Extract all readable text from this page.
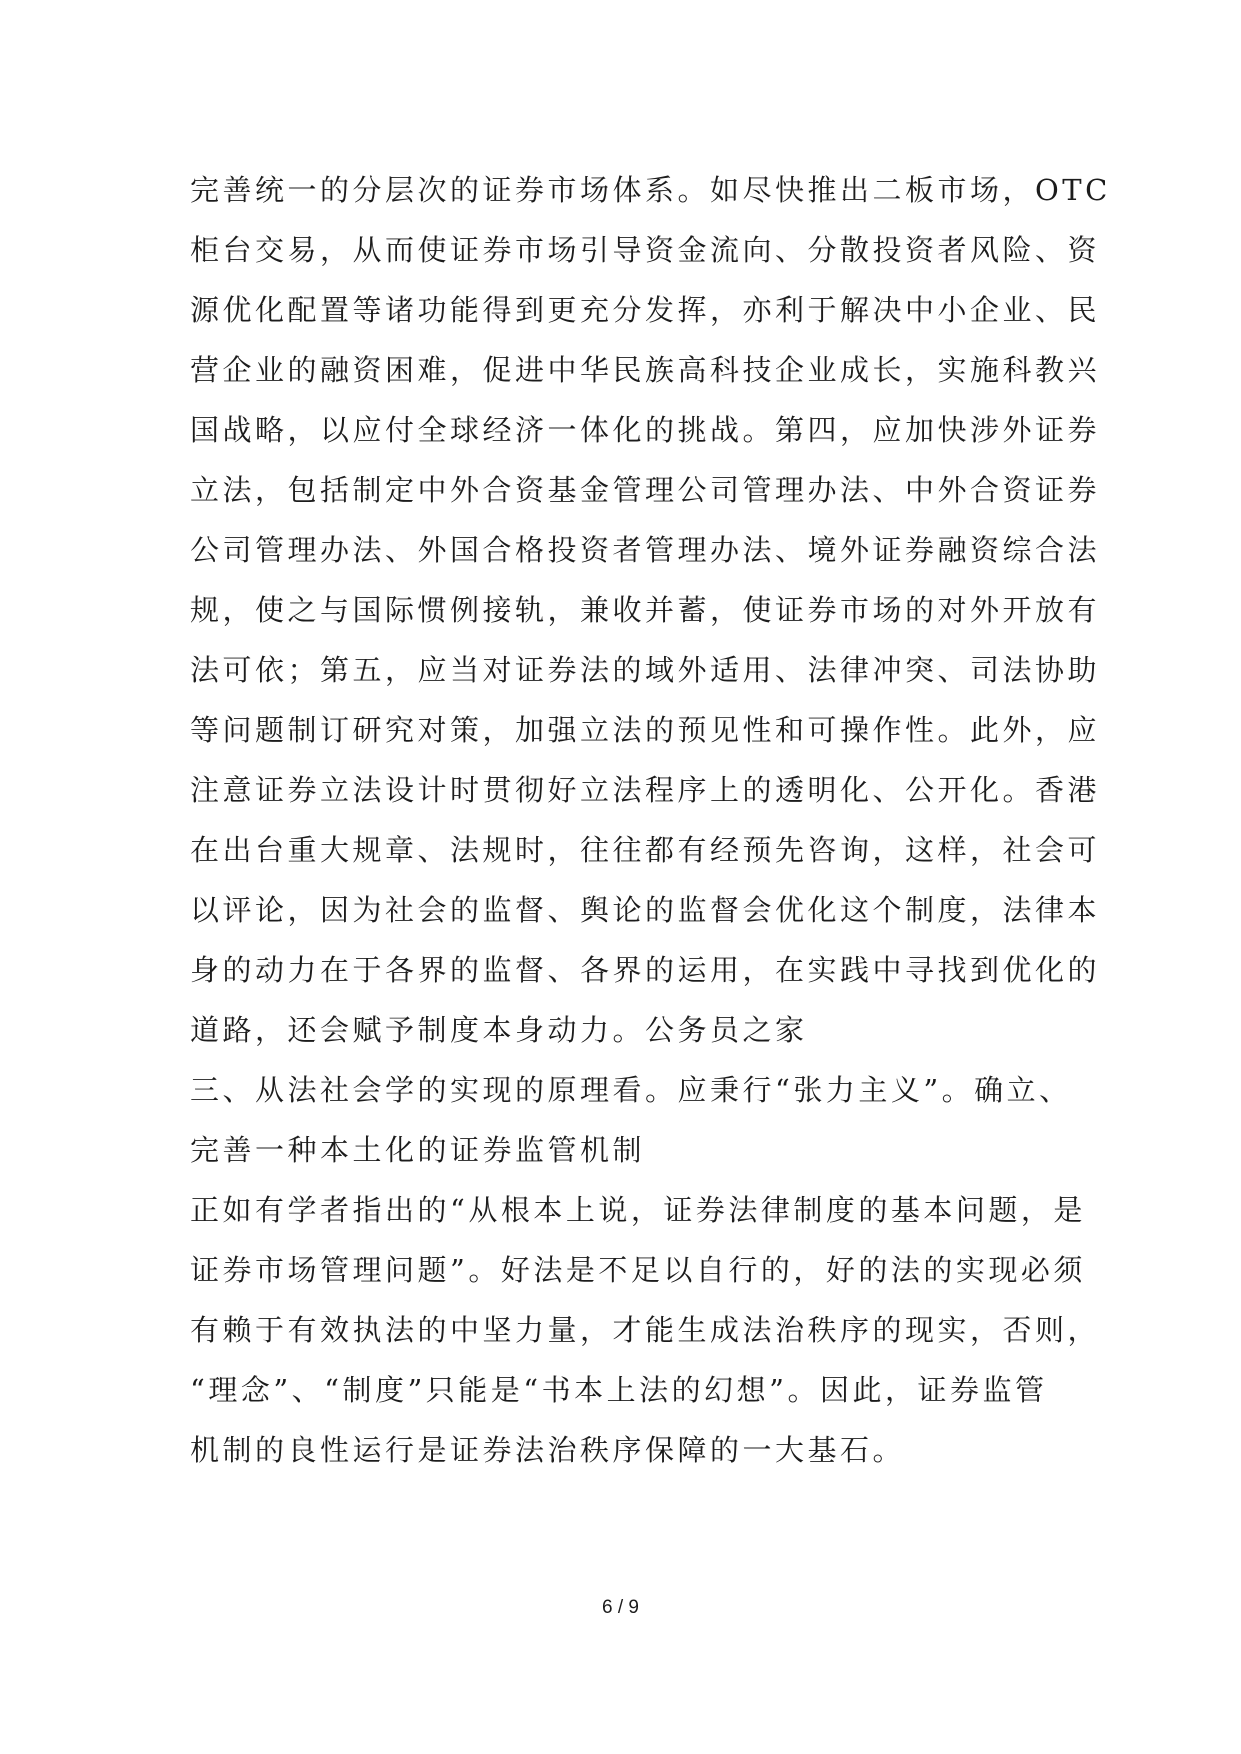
完善统一的分层次的证券市场体系。如尽快推出二板市场，OTC
柜台交易，从而使证券市场引导资金流向、分散投资者风险、资
源优化配置等诸功能得到更充分发挥，亦利于解决中小企业、民
营企业的融资困难，促进中华民族高科技企业成长，实施科教兴
国战略，以应付全球经济一体化的挑战。第四，应加快涉外证券
立法，包括制定中外合资基金管理公司管理办法、中外合资证券
公司管理办法、外国合格投资者管理办法、境外证券融资综合法
规，使之与国际惯例接轨，兼收并蓄，使证券市场的对外开放有
法可依；第五，应当对证券法的域外适用、法律冲突、司法协助
等问题制订研究对策，加强立法的预见性和可操作性。此外，应
注意证券立法设计时贯彻好立法程序上的透明化、公开化。香港
在出台重大规章、法规时，往往都有经预先咨询，这样，社会可
以评论，因为社会的监督、舆论的监督会优化这个制度，法律本
身的动力在于各界的监督、各界的运用，在实践中寻找到优化的
道路，还会赋予制度本身动力。公务员之家
三、从法社会学的实现的原理看。应秉行“张力主义”。确立、
完善一种本土化的证券监管机制
正如有学者指出的“从根本上说，证券法律制度的基本问题，是
证券市场管理问题”。好法是不足以自行的，好的法的实现必须
有赖于有效执法的中坚力量，才能生成法治秩序的现实，否则，
“理念”、“制度”只能是“书本上法的幻想”。因此，证券监管
机制的良性运行是证券法治秩序保障的一大基石。
6 / 9
